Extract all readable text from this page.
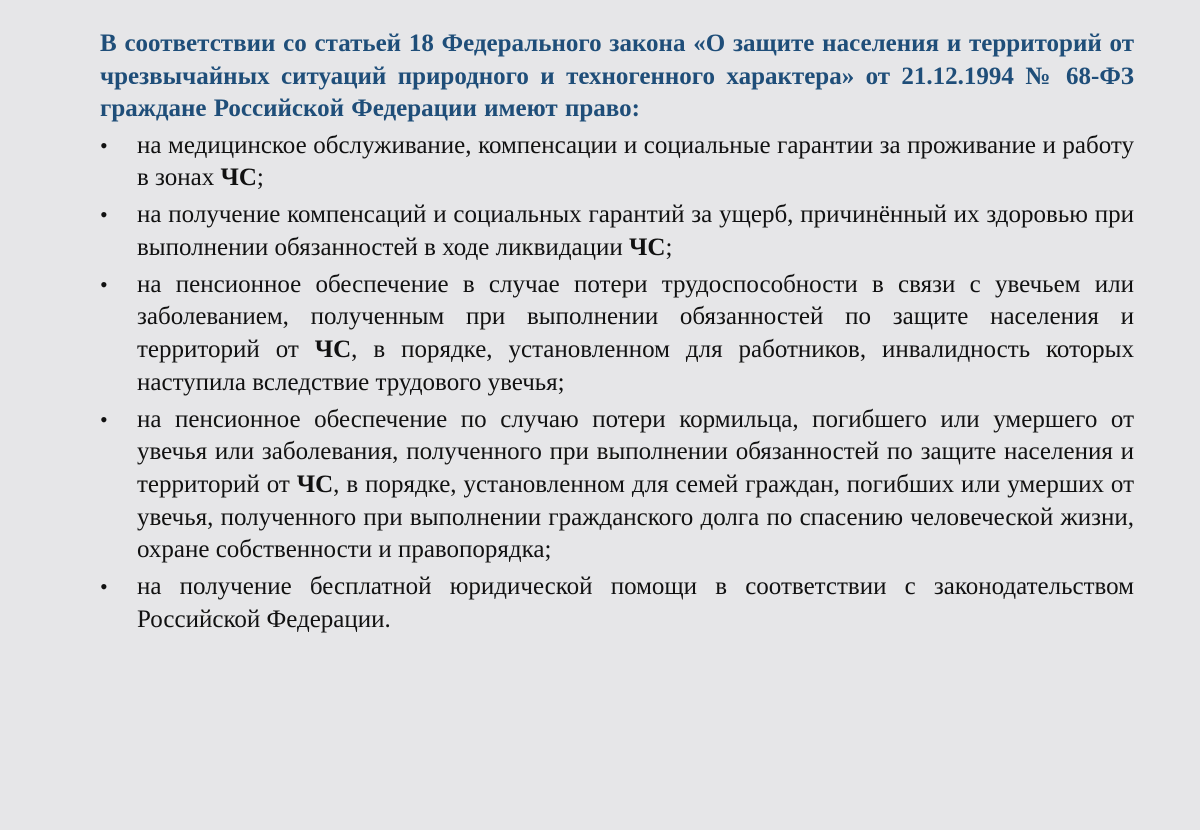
В соответствии со статьей 18 Федерального закона «О защите населения и территорий от чрезвычайных ситуаций природного и техногенного характера» от 21.12.1994 № 68-ФЗ граждане Российской Федерации имеют право:

• на медицинское обслуживание, компенсации и социальные гарантии за проживание и работу в зонах ЧС;
• на получение компенсаций и социальных гарантий за ущерб, причинённый их здоровью при выполнении обязанностей в ходе ликвидации ЧС;
• на пенсионное обеспечение в случае потери трудоспособности в связи с увечьем или заболеванием, полученным при выполнении обязанностей по защите населения и территорий от ЧС, в порядке, установленном для работников, инвалидность которых наступила вследствие трудового увечья;
• на пенсионное обеспечение по случаю потери кормильца, погибшего или умершего от увечья или заболевания, полученного при выполнении обязанностей по защите населения и территорий от ЧС, в порядке, установленном для семей граждан, погибших или умерших от увечья, полученного при выполнении гражданского долга по спасению человеческой жизни, охране собственности и правопорядка;
• на получение бесплатной юридической помощи в соответствии с законодательством Российской Федерации.
